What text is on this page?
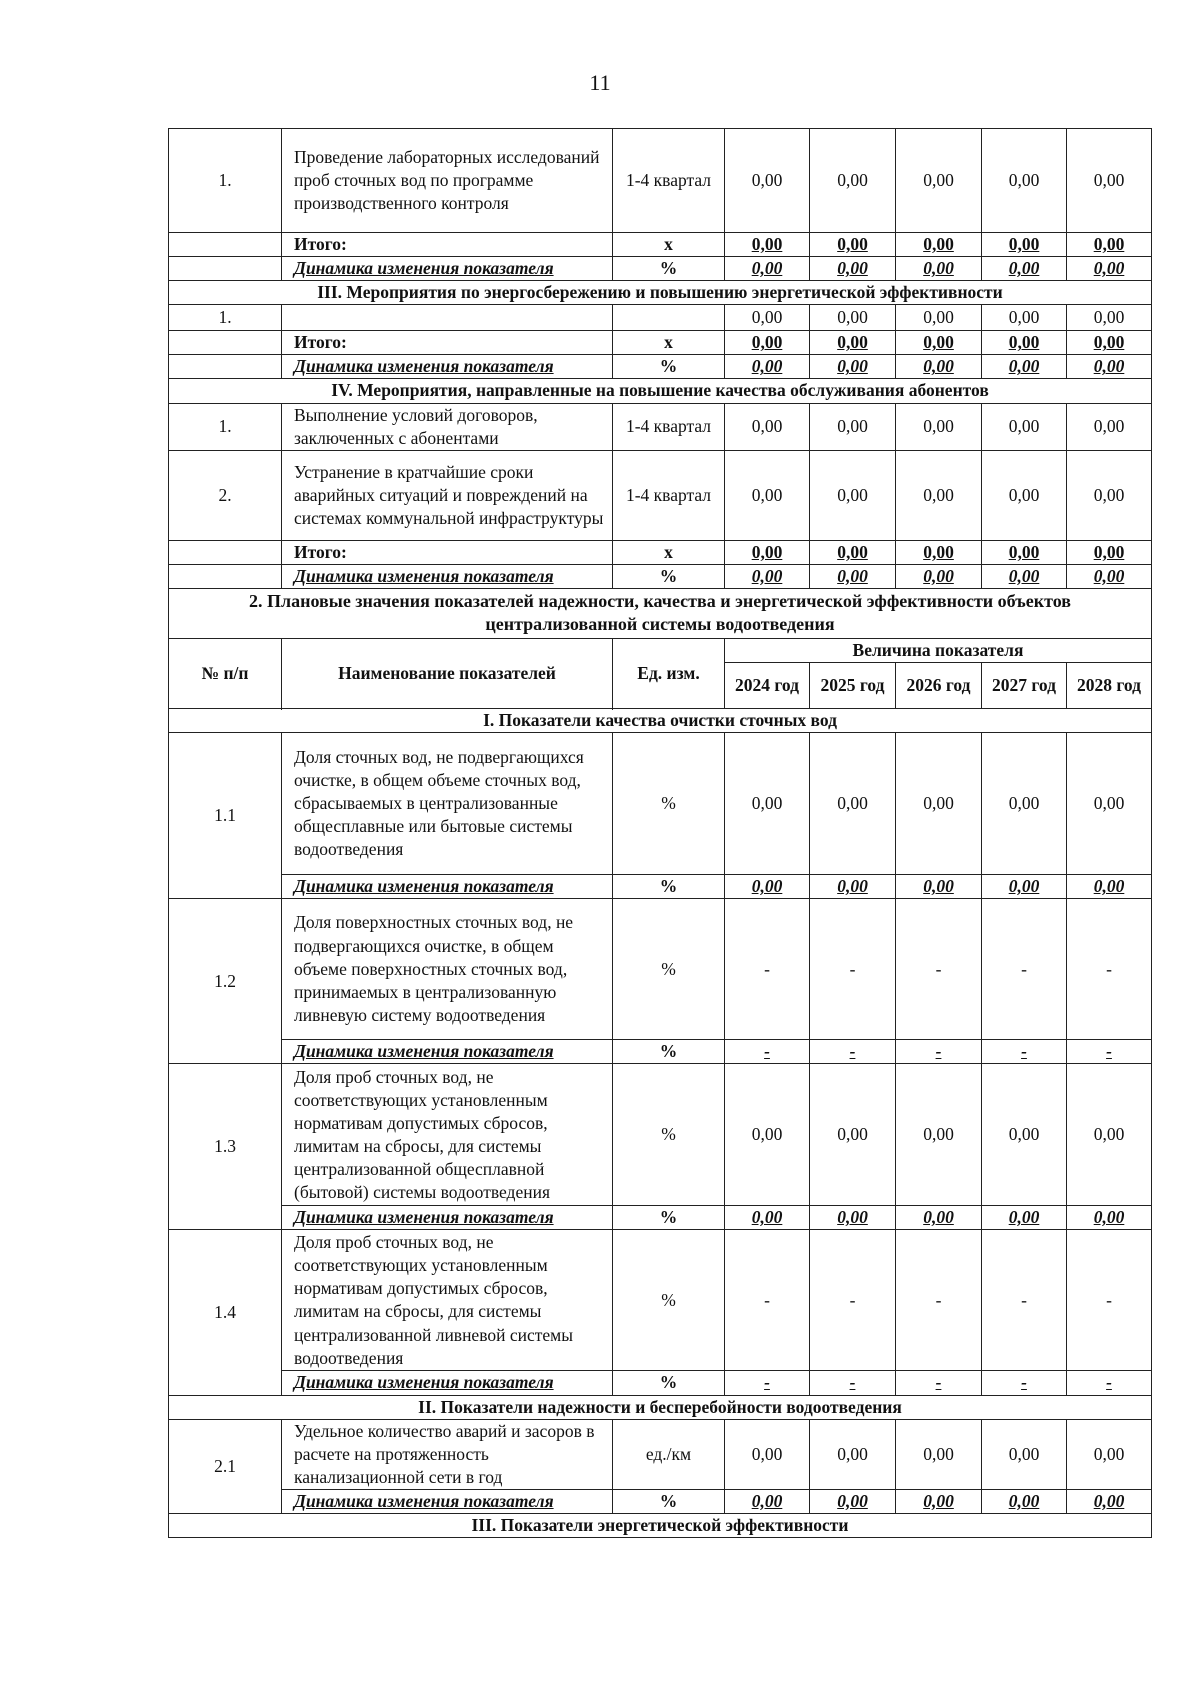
11
1.	Проведение лабораторных исследований проб сточных вод по программе производственного контроля	1-4 квартал	0,00	0,00	0,00	0,00	0,00
	Итого:	x	0,00	0,00	0,00	0,00	0,00
	Динамика изменения показателя	%	0,00	0,00	0,00	0,00	0,00
III. Мероприятия по энергосбережению и повышению энергетической эффективности							
1.			0,00	0,00	0,00	0,00	0,00
	Итого:	x	0,00	0,00	0,00	0,00	0,00
	Динамика изменения показателя	%	0,00	0,00	0,00	0,00	0,00
IV. Мероприятия, направленные на повышение качества обслуживания абонентов							
1.	Выполнение условий договоров, заключенных с абонентами	1-4 квартал	0,00	0,00	0,00	0,00	0,00
2.	Устранение в кратчайшие сроки аварийных ситуаций и повреждений на системах коммунальной инфраструктуры	1-4 квартал	0,00	0,00	0,00	0,00	0,00
	Итого:	x	0,00	0,00	0,00	0,00	0,00
	Динамика изменения показателя	%	0,00	0,00	0,00	0,00	0,00
2. Плановые значения показателей надежности, качества и энергетической эффективности объектов централизованной системы водоотведения							
№ п/п	Наименование показателей	Ед. изм.	Величина показателя				
			2024 год	2025 год	2026 год	2027 год	2028 год

I. Показатели качества очистки сточных вод							
1.1	Доля сточных вод, не подвергающихся очистке, в общем объеме сточных вод, сбрасываемых в централизованные общесплавные или бытовые системы водоотведения	%	0,00	0,00	0,00	0,00	0,00
	Динамика изменения показателя	%	0,00	0,00	0,00	0,00	0,00
1.2	Доля поверхностных сточных вод, не подвергающихся очистке, в общем объеме поверхностных сточных вод, принимаемых в централизованную ливневую систему водоотведения	%	-	-	-	-	-
	Динамика изменения показателя	%	-	-	-	-	-
1.3	Доля проб сточных вод, не соответствующих установленным нормативам допустимых сбросов, лимитам на сбросы, для системы централизованной общесплавной (бытовой) системы водоотведения	%	0,00	0,00	0,00	0,00	0,00
	Динамика изменения показателя	%	0,00	0,00	0,00	0,00	0,00
1.4	Доля проб сточных вод, не соответствующих установленным нормативам допустимых сбросов, лимитам на сбросы, для системы централизованной ливневой системы водоотведения	%	-	-	-	-	-
	Динамика изменения показателя	%	-	-	-	-	-
II. Показатели надежности и бесперебойности водоотведения							
2.1	Удельное количество аварий и засоров в расчете на протяженность канализационной сети в год	ед./км	0,00	0,00	0,00	0,00	0,00
	Динамика изменения показателя	%	0,00	0,00	0,00	0,00	0,00
III. Показатели энергетической эффективности							
